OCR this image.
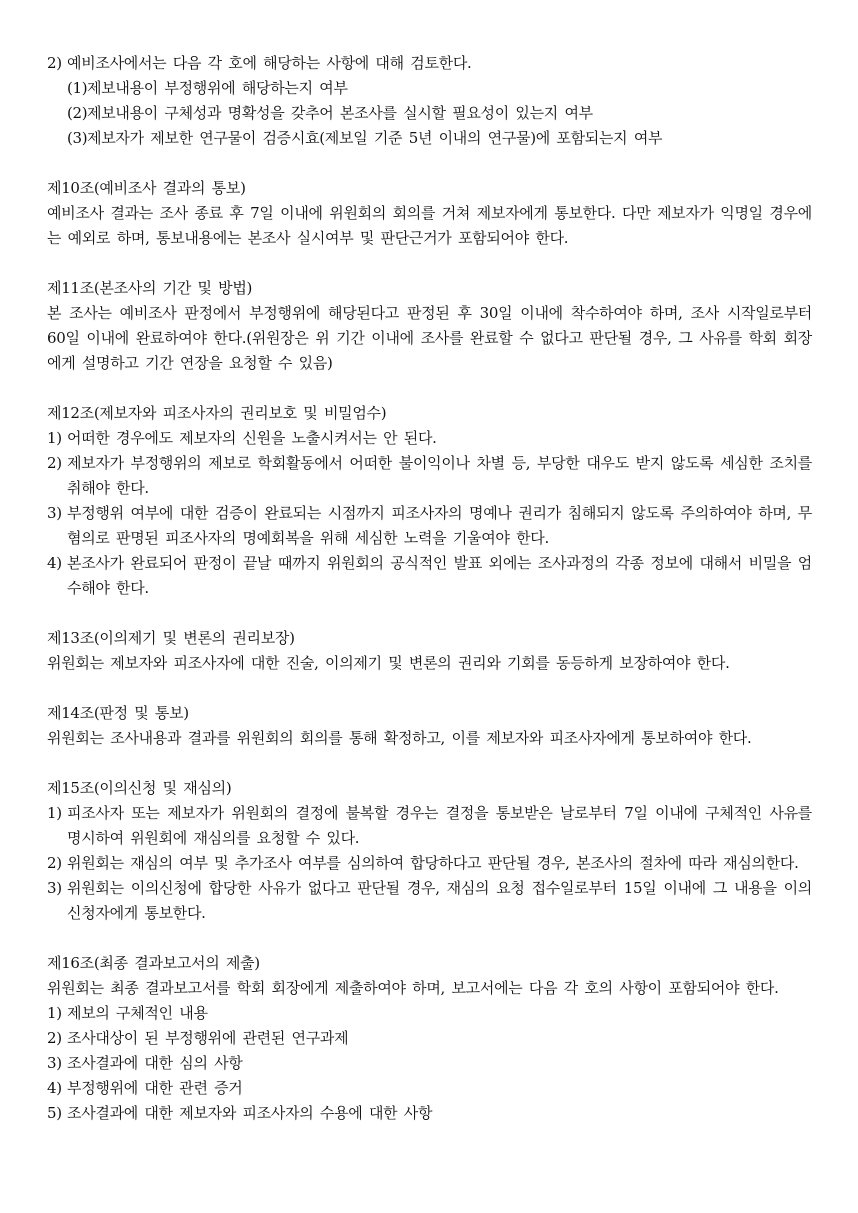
2) 예비조사에서는 다음 각 호에 해당하는 사항에 대해 검토한다.
(1) 제보내용이 부정행위에 해당하는지 여부
(2) 제보내용이 구체성과 명확성을 갖추어 본조사를 실시할 필요성이 있는지 여부
(3) 제보자가 제보한 연구물이 검증시효(제보일 기준 5년 이내의 연구물)에 포함되는지 여부
제10조(예비조사 결과의 통보)
예비조사 결과는 조사 종료 후 7일 이내에 위원회의 회의를 거쳐 제보자에게 통보한다. 다만 제보자가 익명일 경우에는 예외로 하며, 통보내용에는 본조사 실시여부 및 판단근거가 포함되어야 한다.
제11조(본조사의 기간 및 방법)
본 조사는 예비조사 판정에서 부정행위에 해당된다고 판정된 후 30일 이내에 착수하여야 하며, 조사 시작일로부터 60일 이내에 완료하여야 한다.(위원장은 위 기간 이내에 조사를 완료할 수 없다고 판단될 경우, 그 사유를 학회 회장에게 설명하고 기간 연장을 요청할 수 있음)
제12조(제보자와 피조사자의 권리보호 및 비밀엄수)
1) 어떠한 경우에도 제보자의 신원을 노출시켜서는 안 된다.
2) 제보자가 부정행위의 제보로 학회활동에서 어떠한 불이익이나 차별 등, 부당한 대우도 받지 않도록 세심한 조치를 취해야 한다.
3) 부정행위 여부에 대한 검증이 완료되는 시점까지 피조사자의 명예나 권리가 침해되지 않도록 주의하여야 하며, 무혐의로 판명된 피조사자의 명예회복을 위해 세심한 노력을 기울여야 한다.
4) 본조사가 완료되어 판정이 끝날 때까지 위원회의 공식적인 발표 외에는 조사과정의 각종 정보에 대해서 비밀을 엄수해야 한다.
제13조(이의제기 및 변론의 권리보장)
위원회는 제보자와 피조사자에 대한 진술, 이의제기 및 변론의 권리와 기회를 동등하게 보장하여야 한다.
제14조(판정 및 통보)
위원회는 조사내용과 결과를 위원회의 회의를 통해 확정하고, 이를 제보자와 피조사자에게 통보하여야 한다.
제15조(이의신청 및 재심의)
1) 피조사자 또는 제보자가 위원회의 결정에 불복할 경우는 결정을 통보받은 날로부터 7일 이내에 구체적인 사유를 명시하여 위원회에 재심의를 요청할 수 있다.
2) 위원회는 재심의 여부 및 추가조사 여부를 심의하여 합당하다고 판단될 경우, 본조사의 절차에 따라 재심의한다.
3) 위원회는 이의신청에 합당한 사유가 없다고 판단될 경우, 재심의 요청 접수일로부터 15일 이내에 그 내용을 이의신청자에게 통보한다.
제16조(최종 결과보고서의 제출)
위원회는 최종 결과보고서를 학회 회장에게 제출하여야 하며, 보고서에는 다음 각 호의 사항이 포함되어야 한다.
1) 제보의 구체적인 내용
2) 조사대상이 된 부정행위에 관련된 연구과제
3) 조사결과에 대한 심의 사항
4) 부정행위에 대한 관련 증거
5) 조사결과에 대한 제보자와 피조사자의 수용에 대한 사항
